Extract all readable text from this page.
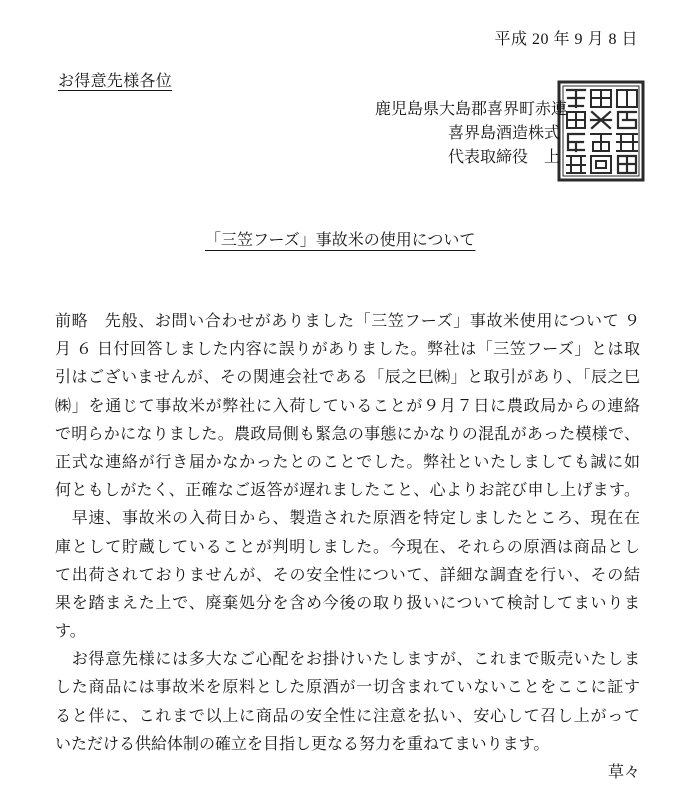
平成 20 年 9 月 8 日
お得意先様各位
鹿児島県大島郡喜界町赤連
喜界島酒造株式
代表取締役　上
「三笠フーズ」事故米の使用について
前略　先般、お問い合わせがありました「三笠フーズ」事故米使用について ９
月 ６ 日付回答しました内容に誤りがありました。弊社は「三笠フーズ」とは取
引はございませんが、その関連会社である「辰之巳㈱」と取引があり、「辰之巳
㈱」を通じて事故米が弊社に入荷していることが９月７日に農政局からの連絡
で明らかになりました。農政局側も緊急の事態にかなりの混乱があった模様で、
正式な連絡が行き届かなかったとのことでした。弊社といたしましても誠に如
何ともしがたく、正確なご返答が遅れましたこと、心よりお詫び申し上げます。
　早速、事故米の入荷日から、製造された原酒を特定しましたところ、現在在
庫として貯蔵していることが判明しました。今現在、それらの原酒は商品とし
て出荷されておりませんが、その安全性について、詳細な調査を行い、その結
果を踏まえた上で、廃棄処分を含め今後の取り扱いについて検討してまいりま
す。
　お得意先様には多大なご心配をお掛けいたしますが、これまで販売いたしま
した商品には事故米を原料とした原酒が一切含まれていないことをここに証す
ると伴に、これまで以上に商品の安全性に注意を払い、安心して召し上がって
いただける供給体制の確立を目指し更なる努力を重ねてまいります。
草々
